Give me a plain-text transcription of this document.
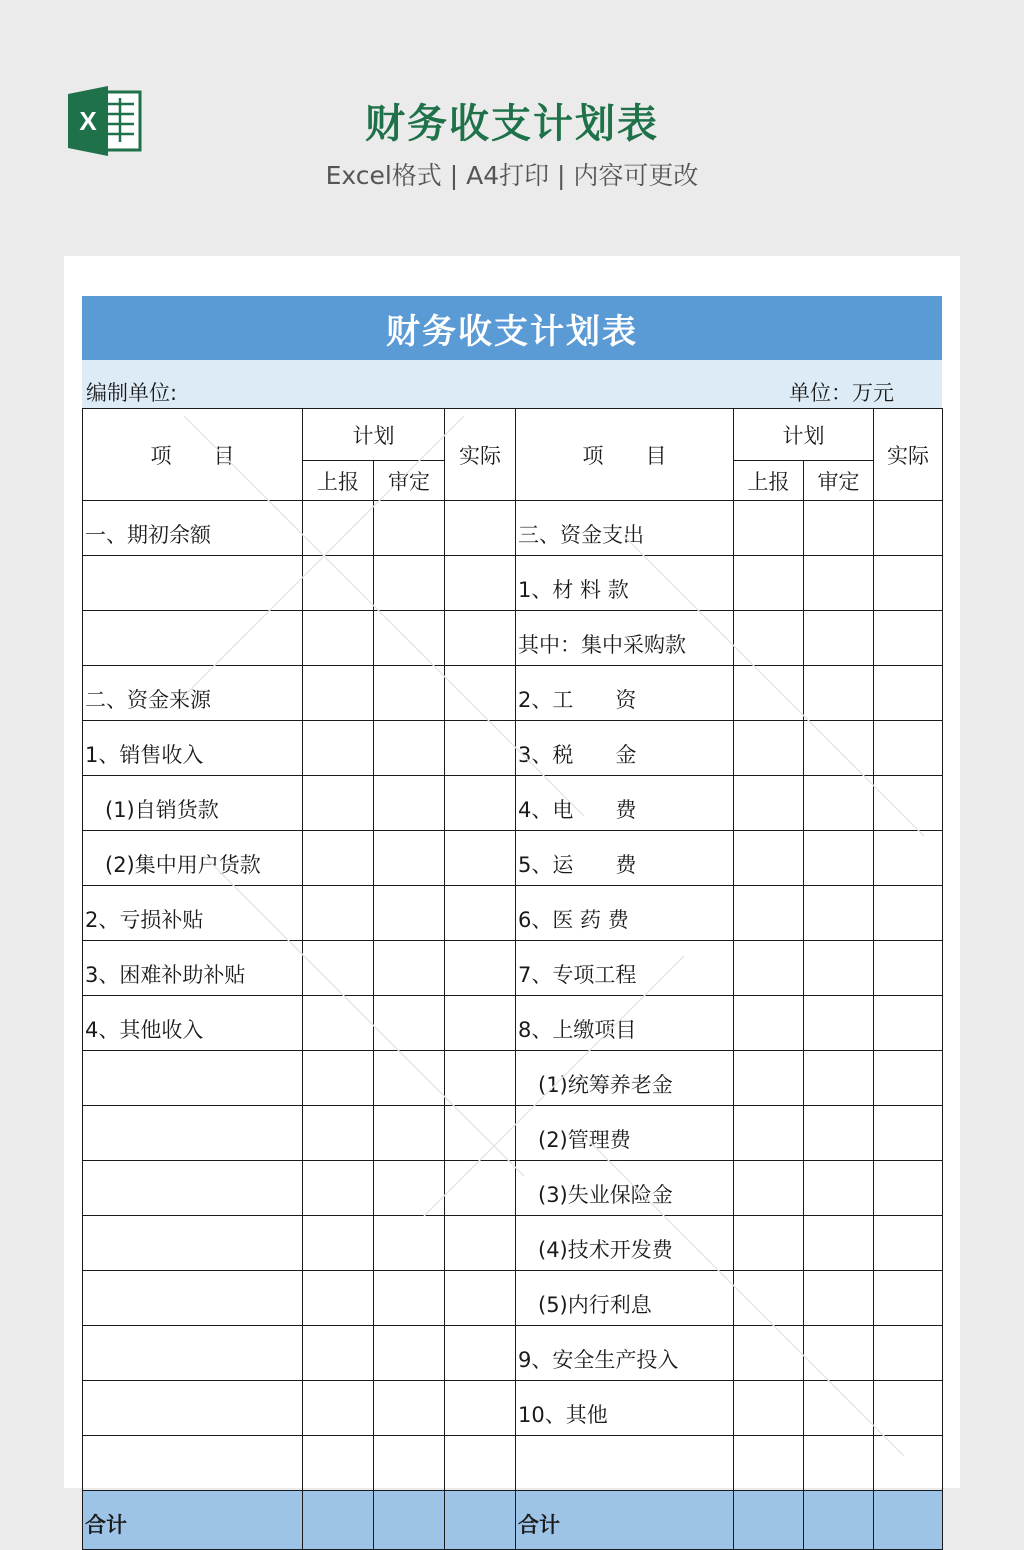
X	财务收支计划表
Excel格式 | A4打印 | 内容可更改
财务收支计划表
编制单位:	单位：万元
项　　目	计划		实际	项　　目	计划		实际
	上报	审定			上报	审定	
一、期初余额				三、资金支出			
				1、材 料 款			
				其中：集中采购款			
二、资金来源				2、工　　资			
1、销售收入				3、税　　金			
(1)自销货款				4、电　　费			
(2)集中用户货款				5、运　　费			
2、亏损补贴				6、医 药 费			
3、困难补助补贴				7、专项工程			
4、其他收入				8、上缴项目			
				(1)统筹养老金			
				(2)管理费			
				(3)失业保险金			
				(4)技术开发费			
				(5)内行利息			
				9、安全生产投入			
				10、其他			

合计				合计			
